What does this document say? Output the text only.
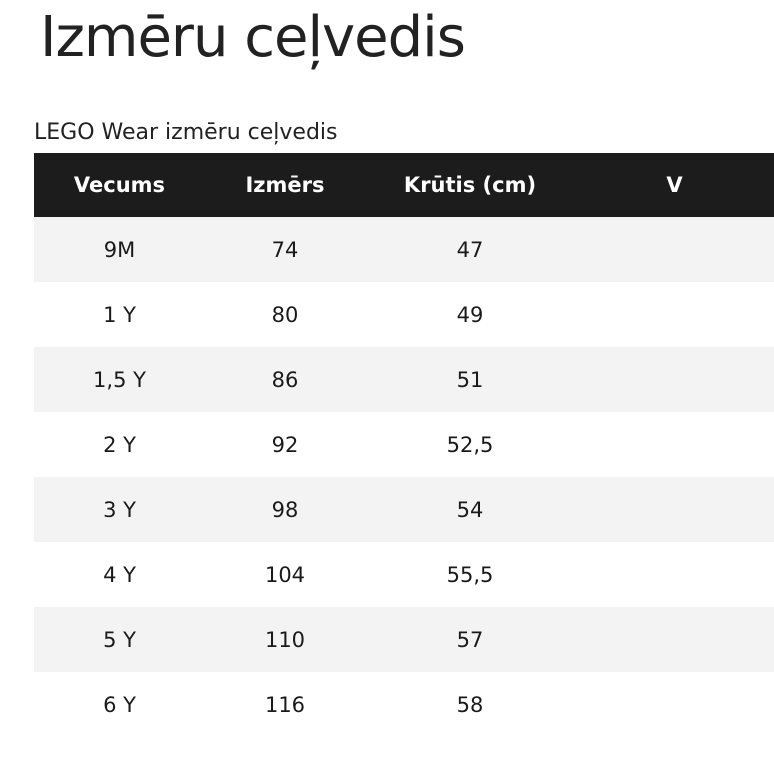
Izmēru ceļvedis
LEGO Wear izmēru ceļvedis
Vecums	Izmērs	Krūtis (cm)	V
9M	74	47	
1 Y	80	49	
1,5 Y	86	51	
2 Y	92	52,5	
3 Y	98	54	
4 Y	104	55,5	
5 Y	110	57	
6 Y	116	58	
